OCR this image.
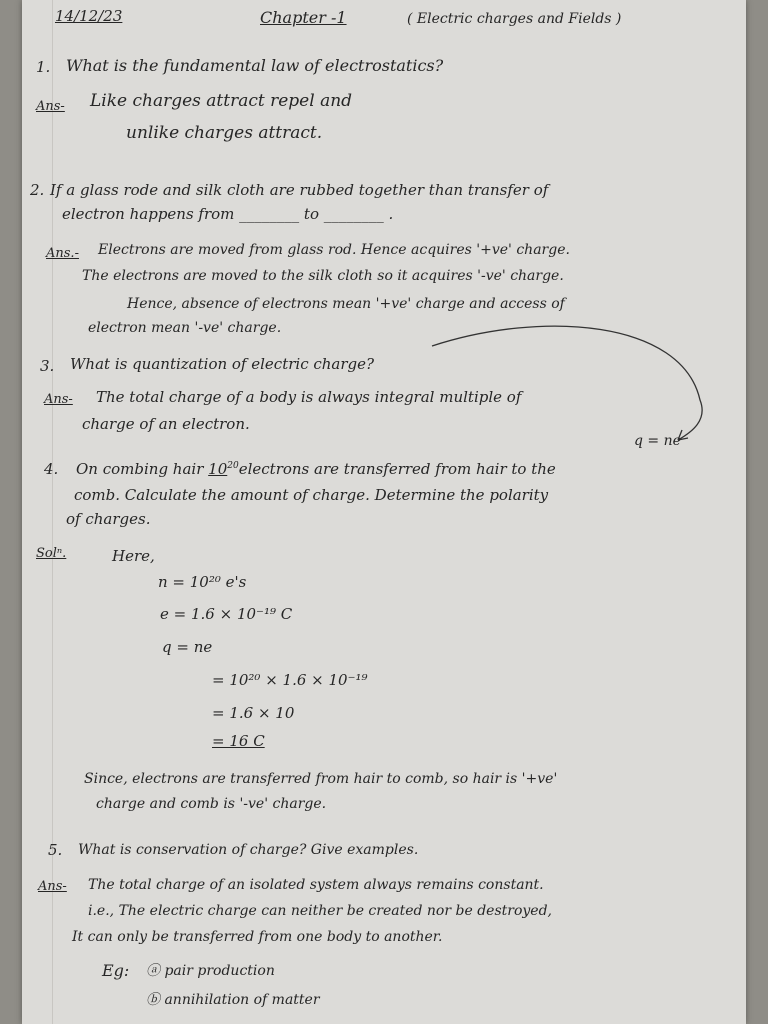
14/12/23	Chapter -1	( Electric charges and Fields )
1. What is the fundamental law of electrostatics?
Ans- Like charges attract repel and
unlike charges attract.
2. If a glass rode and silk cloth are rubbed together than transfer of
electron happens from ________ to ________ .
Ans.- Electrons are moved from glass rod. Hence acquires '+ve' charge.
The electrons are moved to the silk cloth so it acquires '-ve' charge.
Hence, absence of electrons mean '+ve' charge and access of
electron mean '-ve' charge.
3. What is quantization of electric charge?
Ans- The total charge of a body is always integral multiple of
charge of an electron.
q = ne
4. On combing hair $10^{20}electrons$ are transferred from hair to the
comb. Calculate the amount of charge. Determine the polarity
of charges.
Solⁿ.	Here,
n = 10²⁰ e's
e = 1.6 × 10⁻¹⁹ C
q = ne
= 10²⁰ × 1.6 × 10⁻¹⁹
= 1.6 × 10
= 16 C
Since, electrons are transferred from hair to comb, so hair is '+ve'
charge and comb is '-ve' charge.
5. What is conservation of charge? Give examples.
Ans- The total charge of an isolated system always remains constant.
i.e., The electric charge can neither be created nor be destroyed,
It can only be transferred from one body to another.
Eg: ⓐ pair production
ⓑ annihilation of matter
